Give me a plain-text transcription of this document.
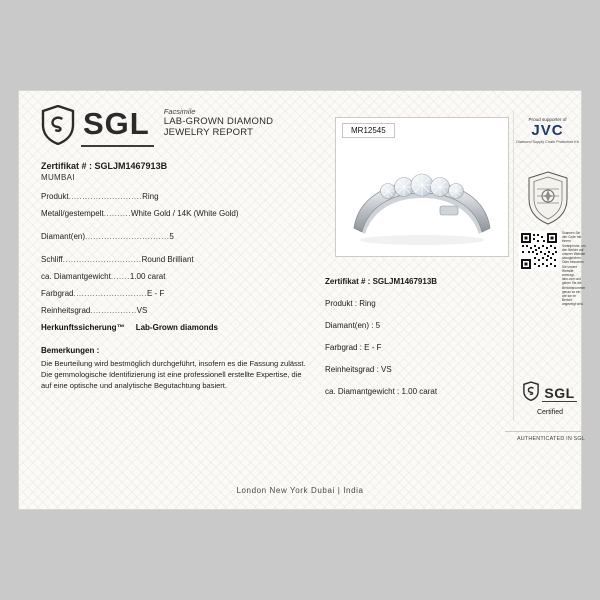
SGL	Facsimile
LAB-GROWN DIAMOND
JEWELRY REPORT
Zertifikat # : SGLJM1467913B
MUMBAI
Produkt...........................Ring
Metall/gestempelt..........White Gold / 14K (White Gold)
Diamant(en)...............................5
Schliff.............................Round Brilliant
ca. Diamantgewicht.......1.00 carat
Farbgrad...........................E - F
Reinheitsgrad.................VS
Herkunftssicherung™ Lab-Grown diamonds
Bemerkungen :
Die Beurteilung wird bestmöglich durchgeführt, insofern es die Fassung zulässt. Die gemmologische Identifizierung ist eine professionell erstellte Expertise, die auf eine optische und analytische Begutachtung basiert.
MR12545
Zertifikat # : SGLJM1467913B
Produkt : Ring
Diamant(en) : 5
Farbgrad : E - F
Reinheitsgrad : VS
ca. Diamantgewicht : 1.00 carat
Proud supporter of
JVC
Diamond Supply Chain Protection Kit
Scannen Sie den Code mit einem Smartphone, um den Bericht auf unserer Website abzugleichen. Oder besuchen Sie unsere Website www.sgl-labs.com und geben Sie die Berichtsnummer genau so ein, wie sie im Bericht angezeigt wird.
SGL
Certified
AUTHENTICATED IN SGL
London New York Dubai | India
